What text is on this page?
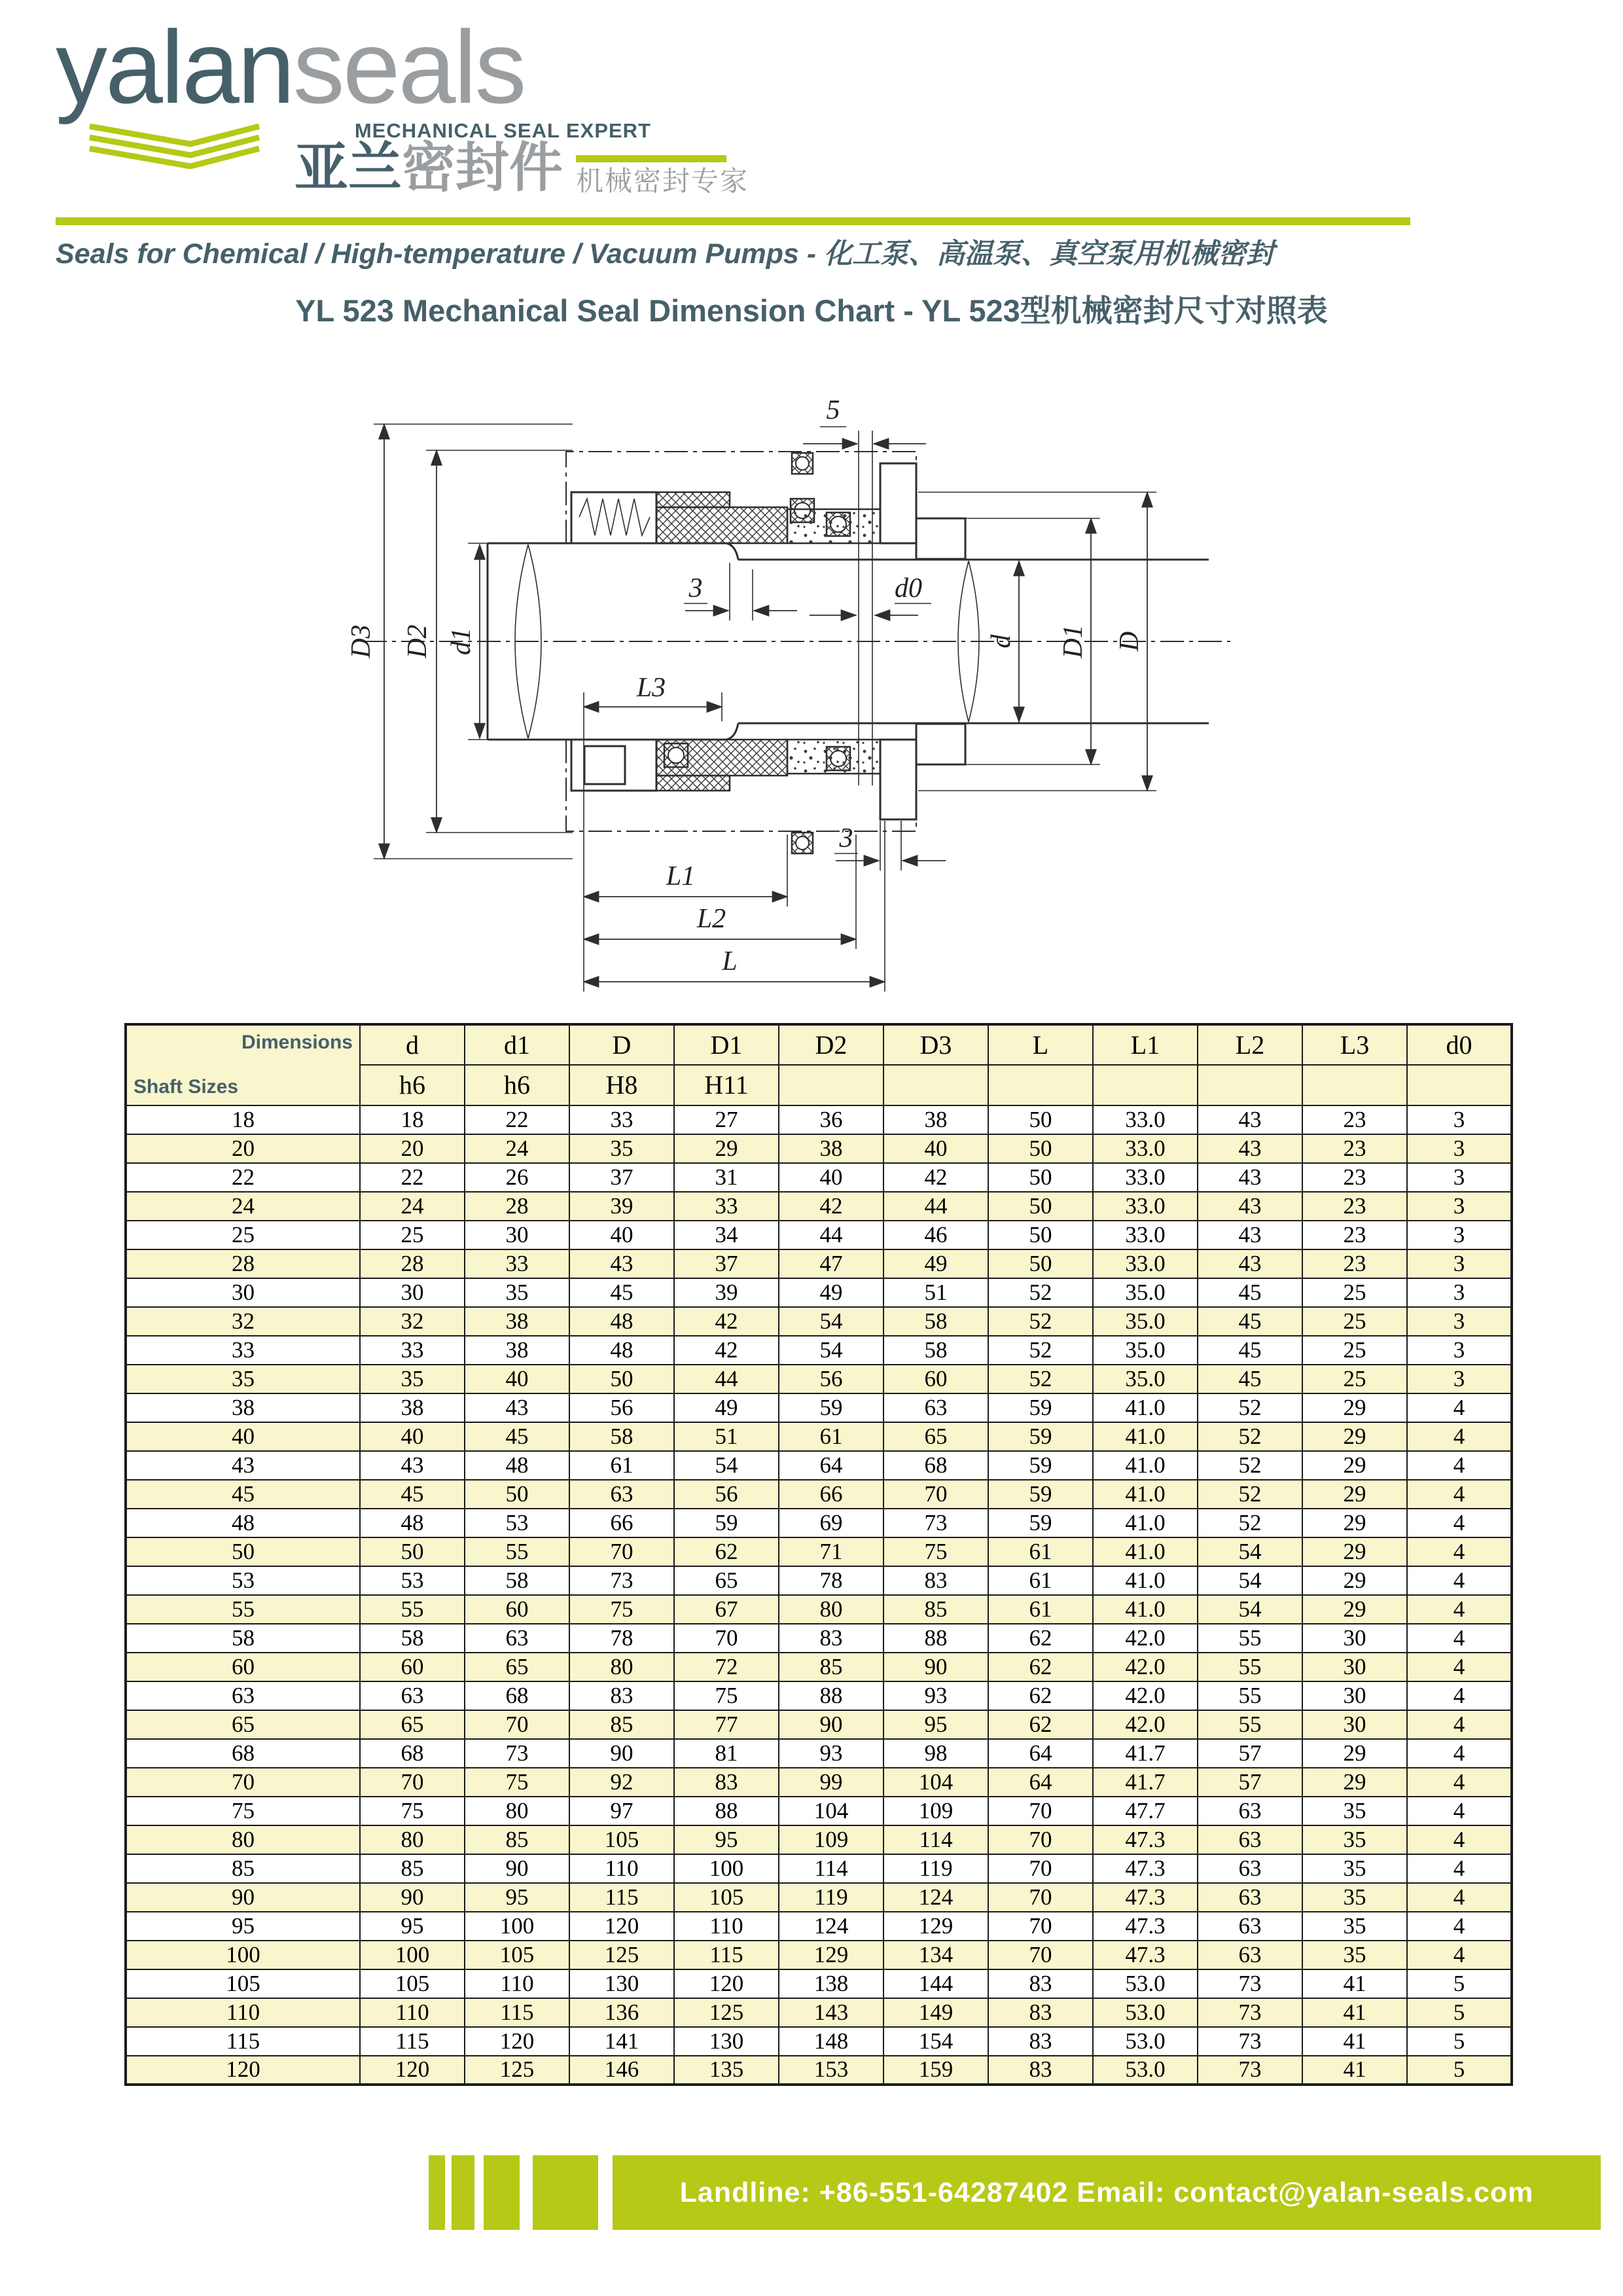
yalanseals
MECHANICAL SEAL EXPERT
亚兰密封件 机械密封专家
Seals for Chemical / High-temperature / Vacuum Pumps - 化工泵、高温泵、真空泵用机械密封
YL 523 Mechanical Seal Dimension Chart - YL 523型机械密封尺寸对照表
D3 D2 d1	d D1 D
5
3	d0
3
L3
L1
L2
L
Dimensions
Shaft Sizes	d	d1	D	D1	D2	D3	L	L1	L2	L3	d0
	h6	h6	H8	H11							
18	18	22	33	27	36	38	50	33.0	43	23	3
20	20	24	35	29	38	40	50	33.0	43	23	3
22	22	26	37	31	40	42	50	33.0	43	23	3
24	24	28	39	33	42	44	50	33.0	43	23	3
25	25	30	40	34	44	46	50	33.0	43	23	3
28	28	33	43	37	47	49	50	33.0	43	23	3
30	30	35	45	39	49	51	52	35.0	45	25	3
32	32	38	48	42	54	58	52	35.0	45	25	3
33	33	38	48	42	54	58	52	35.0	45	25	3
35	35	40	50	44	56	60	52	35.0	45	25	3
38	38	43	56	49	59	63	59	41.0	52	29	4
40	40	45	58	51	61	65	59	41.0	52	29	4
43	43	48	61	54	64	68	59	41.0	52	29	4
45	45	50	63	56	66	70	59	41.0	52	29	4
48	48	53	66	59	69	73	59	41.0	52	29	4
50	50	55	70	62	71	75	61	41.0	54	29	4
53	53	58	73	65	78	83	61	41.0	54	29	4
55	55	60	75	67	80	85	61	41.0	54	29	4
58	58	63	78	70	83	88	62	42.0	55	30	4
60	60	65	80	72	85	90	62	42.0	55	30	4
63	63	68	83	75	88	93	62	42.0	55	30	4
65	65	70	85	77	90	95	62	42.0	55	30	4
68	68	73	90	81	93	98	64	41.7	57	29	4
70	70	75	92	83	99	104	64	41.7	57	29	4
75	75	80	97	88	104	109	70	47.7	63	35	4
80	80	85	105	95	109	114	70	47.3	63	35	4
85	85	90	110	100	114	119	70	47.3	63	35	4
90	90	95	115	105	119	124	70	47.3	63	35	4
95	95	100	120	110	124	129	70	47.3	63	35	4
100	100	105	125	115	129	134	70	47.3	63	35	4
105	105	110	130	120	138	144	83	53.0	73	41	5
110	110	115	136	125	143	149	83	53.0	73	41	5
115	115	120	141	130	148	154	83	53.0	73	41	5
120	120	125	146	135	153	159	83	53.0	73	41	5
Landline: +86-551-64287402 Email: contact@yalan-seals.com
